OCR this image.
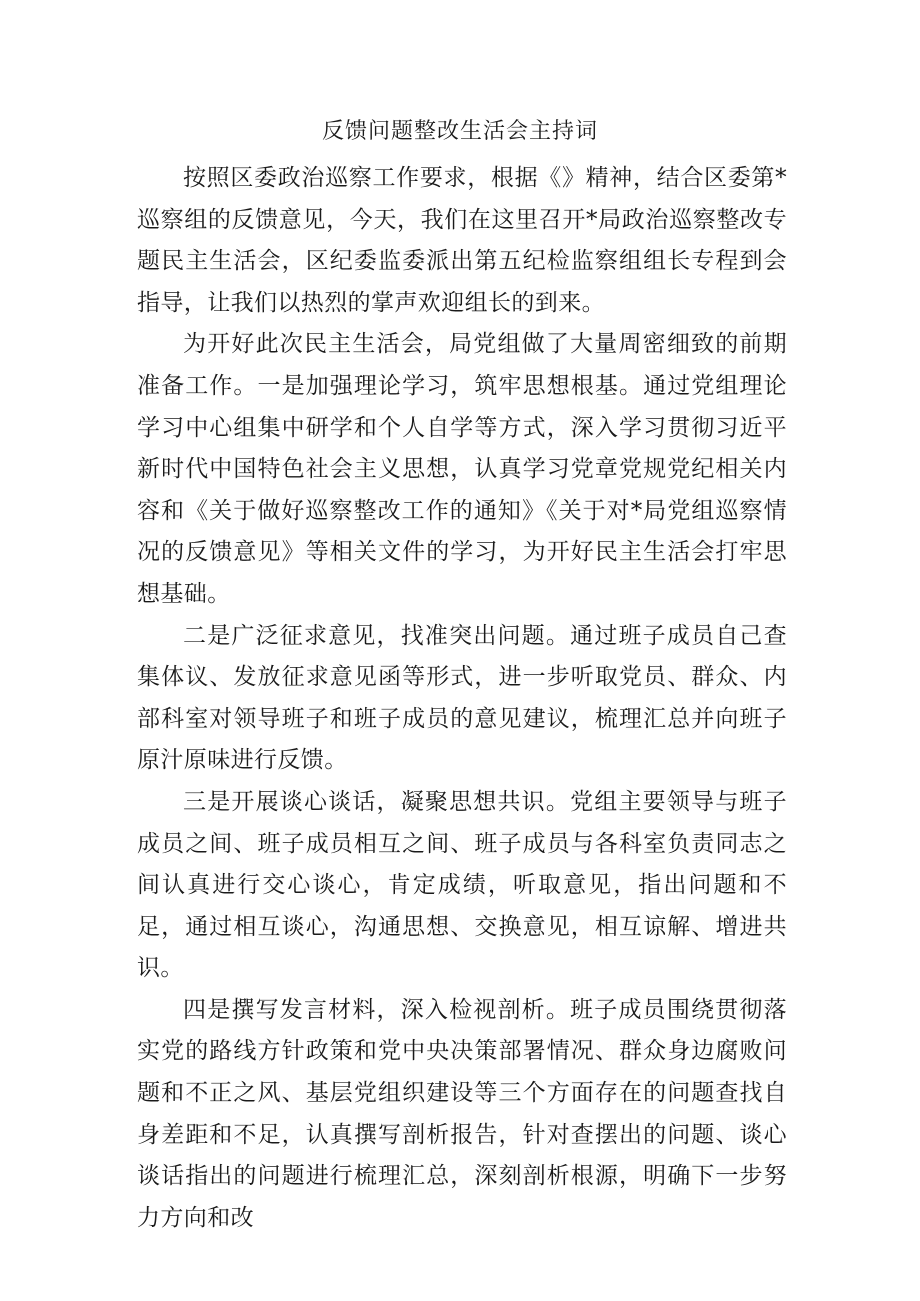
反馈问题整改生活会主持词

按照区委政治巡察工作要求，根据《》精神，结合区委第*巡察组的反馈意见，今天，我们在这里召开*局政治巡察整改专题民主生活会，区纪委监委派出第五纪检监察组组长专程到会指导，让我们以热烈的掌声欢迎组长的到来。

为开好此次民主生活会，局党组做了大量周密细致的前期准备工作。一是加强理论学习，筑牢思想根基。通过党组理论学习中心组集中研学和个人自学等方式，深入学习贯彻习近平新时代中国特色社会主义思想，认真学习党章党规党纪相关内容和《关于做好巡察整改工作的通知》《关于对*局党组巡察情况的反馈意见》等相关文件的学习，为开好民主生活会打牢思想基础。

二是广泛征求意见，找准突出问题。通过班子成员自己查集体议、发放征求意见函等形式，进一步听取党员、群众、内部科室对领导班子和班子成员的意见建议，梳理汇总并向班子原汁原味进行反馈。

三是开展谈心谈话，凝聚思想共识。党组主要领导与班子成员之间、班子成员相互之间、班子成员与各科室负责同志之间认真进行交心谈心，肯定成绩，听取意见，指出问题和不足，通过相互谈心，沟通思想、交换意见，相互谅解、增进共识。

四是撰写发言材料，深入检视剖析。班子成员围绕贯彻落实党的路线方针政策和党中央决策部署情况、群众身边腐败问题和不正之风、基层党组织建设等三个方面存在的问题查找自身差距和不足，认真撰写剖析报告，针对查摆出的问题、谈心谈话指出的问题进行梳理汇总，深刻剖析根源，明确下一步努力方向和改
